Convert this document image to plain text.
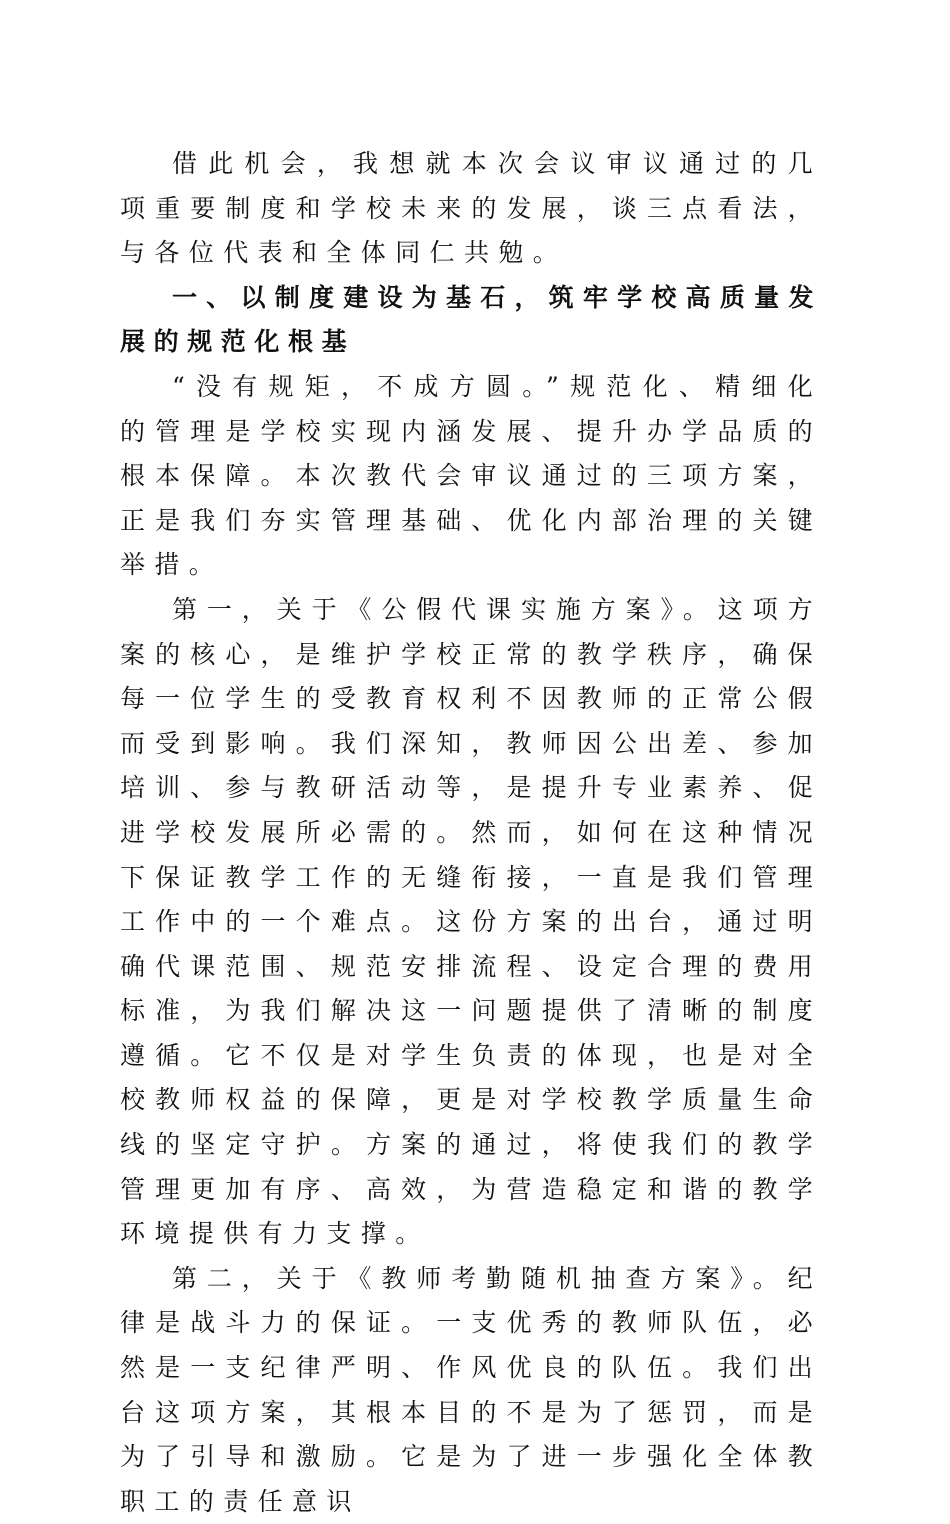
借此机会，我想就本次会议审议通过的几项重要制度和学校未来的发展，谈三点看法，与各位代表和全体同仁共勉。

一、以制度建设为基石，筑牢学校高质量发展的规范化根基

“没有规矩，不成方圆。”规范化、精细化的管理是学校实现内涵发展、提升办学品质的根本保障。本次教代会审议通过的三项方案，正是我们夯实管理基础、优化内部治理的关键举措。

第一，关于《公假代课实施方案》。这项方案的核心，是维护学校正常的教学秩序，确保每一位学生的受教育权利不因教师的正常公假而受到影响。我们深知，教师因公出差、参加培训、参与教研活动等，是提升专业素养、促进学校发展所必需的。然而，如何在这种情况下保证教学工作的无缝衔接，一直是我们管理工作中的一个难点。这份方案的出台，通过明确代课范围、规范安排流程、设定合理的费用标准，为我们解决这一问题提供了清晰的制度遵循。它不仅是对学生负责的体现，也是对全校教师权益的保障，更是对学校教学质量生命线的坚定守护。方案的通过，将使我们的教学管理更加有序、高效，为营造稳定和谐的教学环境提供有力支撑。

第二，关于《教师考勤随机抽查方案》。纪律是战斗力的保证。一支优秀的教师队伍，必然是一支纪律严明、作风优良的队伍。我们出台这项方案，其根本目的不是为了惩罚，而是为了引导和激励。它是为了进一步强化全体教职工的责任意识
